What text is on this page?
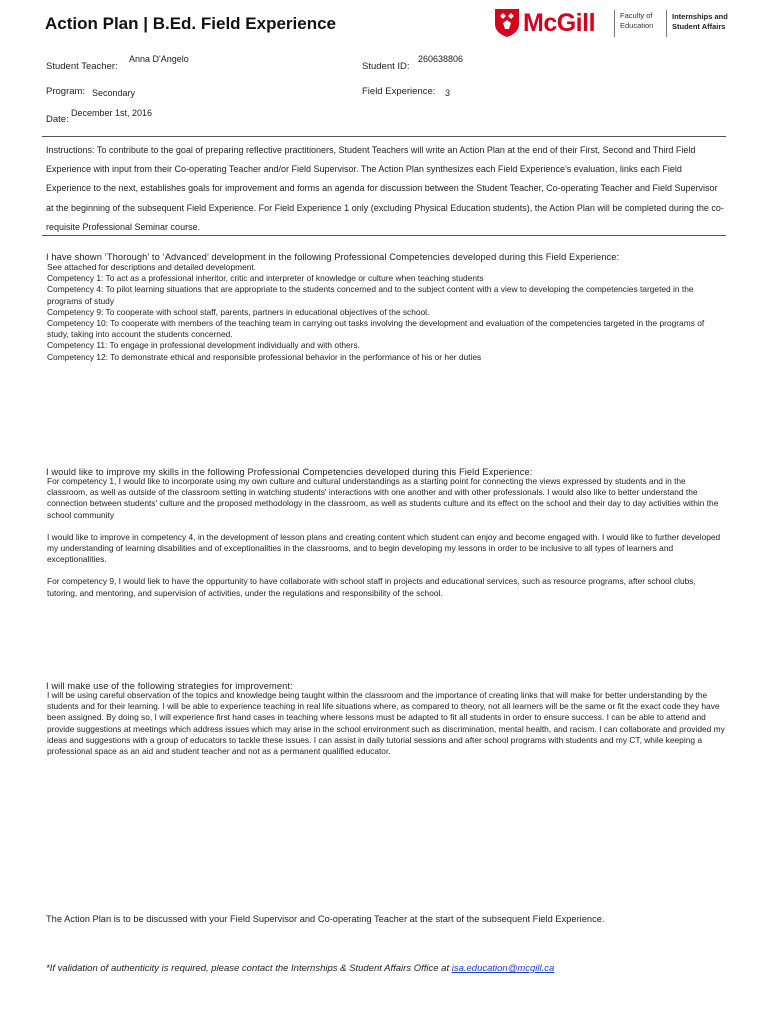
Action Plan | B.Ed. Field Experience	McGill	Faculty of
Education
Internships and
Student Affairs
Student Teacher:
Anna D'Angelo
Student ID:
260638806
Program: Secondary	Field Experience: 3
Date:
December 1st, 2016
Instructions: To contribute to the goal of preparing reflective practitioners, Student Teachers will write an Action Plan at the end of their First, Second and Third Field Experience with input from their Co-operating Teacher and/or Field Supervisor. The Action Plan synthesizes each Field Experience’s evaluation, links each Field Experience to the next, establishes goals for improvement and forms an agenda for discussion between the Student Teacher, Co-operating Teacher and Field Supervisor at the beginning of the subsequent Field Experience. For Field Experience 1 only (excluding Physical Education students), the Action Plan will be completed during the co-requisite Professional Seminar course.
I have shown ‘Thorough’ to ‘Advanced’ development in the following Professional Competencies developed during this Field Experience:

See attached for descriptions and detailed development.

Competency 1: To act as a professional inheritor, critic and interpreter of knowledge or culture when teaching students

Competency 4: To pilot learning situations that are appropriate to the students concerned and to the subject content with a view to developing the competencies targeted in the programs of study

Competency 9: To cooperate with school staff, parents, partners in educational objectives of the school.

Competency 10: To cooperate with members of the teaching team in carrying out tasks involving the development and evaluation of the competencies targeted in the programs of study, taking into account the students concerned.

Competency 11: To engage in professional development individually and with others.

Competency 12: To demonstrate ethical and responsible professional behavior in the performance of his or her duties

I would like to improve my skills in the following Professional Competencies developed during this Field Experience:

For competency 1, I would like to incorporate using my own culture and cultural understandings as a starting point for connecting the views expressed by students and in the classroom, as well as outside of the classroom setting in watching students' interactions with one another and with other professionals. I would also like to better understand the connection between students' culture and the proposed methodology in the classroom, as well as students culture and its effect on the school and their day to day activities within the school community

I would like to improve in competency 4, in the development of lesson plans and creating content which student can enjoy and become engaged with. I would like to further developed my understanding of learning disabilities and of exceptionalities in the classrooms, and to begin developing my lessons in order to be inclusive to all types of learners and exceptionalities.

For competency 9, I would liek to have the oppurtunity to have collaborate with school staff in projects and educational services, such as resource programs, after school clubs, tutoring, and mentoring, and supervision of activities, under the regulations and responsibility of the school.

I will make use of the following strategies for improvement:

I will be using careful observation of the topics and knowledge being taught within the classroom and the importance of creating links that will make for better understanding by the students and for their learning. I will be able to experience teaching in real life situations where, as compared to theory, not all learners will be the same or fit the exact code they have been assigned. By doing so, I will experience first hand cases in teaching where lessons must be adapted to fit all students in order to ensure success. I can be able to attend and provide suggestions at meetings which address issues which may arise in the school environment such as discrimination, mental health, and racism. I can collaborate and provided my ideas and suggestions with a group of educators to tackle these issues. I can assist in daily tutorial sessions and after school programs with students and my CT, while keeping a professional space as an aid and student teacher and not as a permanent qualified educator.

The Action Plan is to be discussed with your Field Supervisor and Co-operating Teacher at the start of the subsequent Field Experience.
*If validation of authenticity is required, please contact the Internships & Student Affairs Office at isa.education@mcgill.ca
